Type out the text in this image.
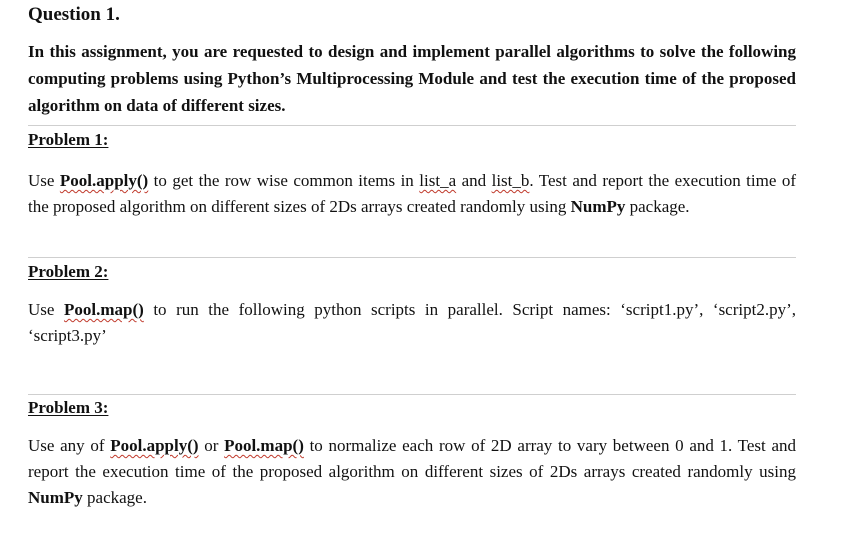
Question 1.

In this assignment, you are requested to design and implement parallel algorithms to solve the following computing problems using Python’s Multiprocessing Module and test the execution time of the proposed algorithm on data of different sizes.

Problem 1:

Use Pool.apply() to get the row wise common items in list_a and list_b. Test and report the execution time of the proposed algorithm on different sizes of 2Ds arrays created randomly using NumPy package.

Problem 2:

Use Pool.map() to run the following python scripts in parallel. Script names: ‘script1.py’, ‘script2.py’, ‘script3.py’

Problem 3:

Use any of Pool.apply() or Pool.map() to normalize each row of 2D array to vary between 0 and 1. Test and report the execution time of the proposed algorithm on different sizes of 2Ds arrays created randomly using NumPy package.
